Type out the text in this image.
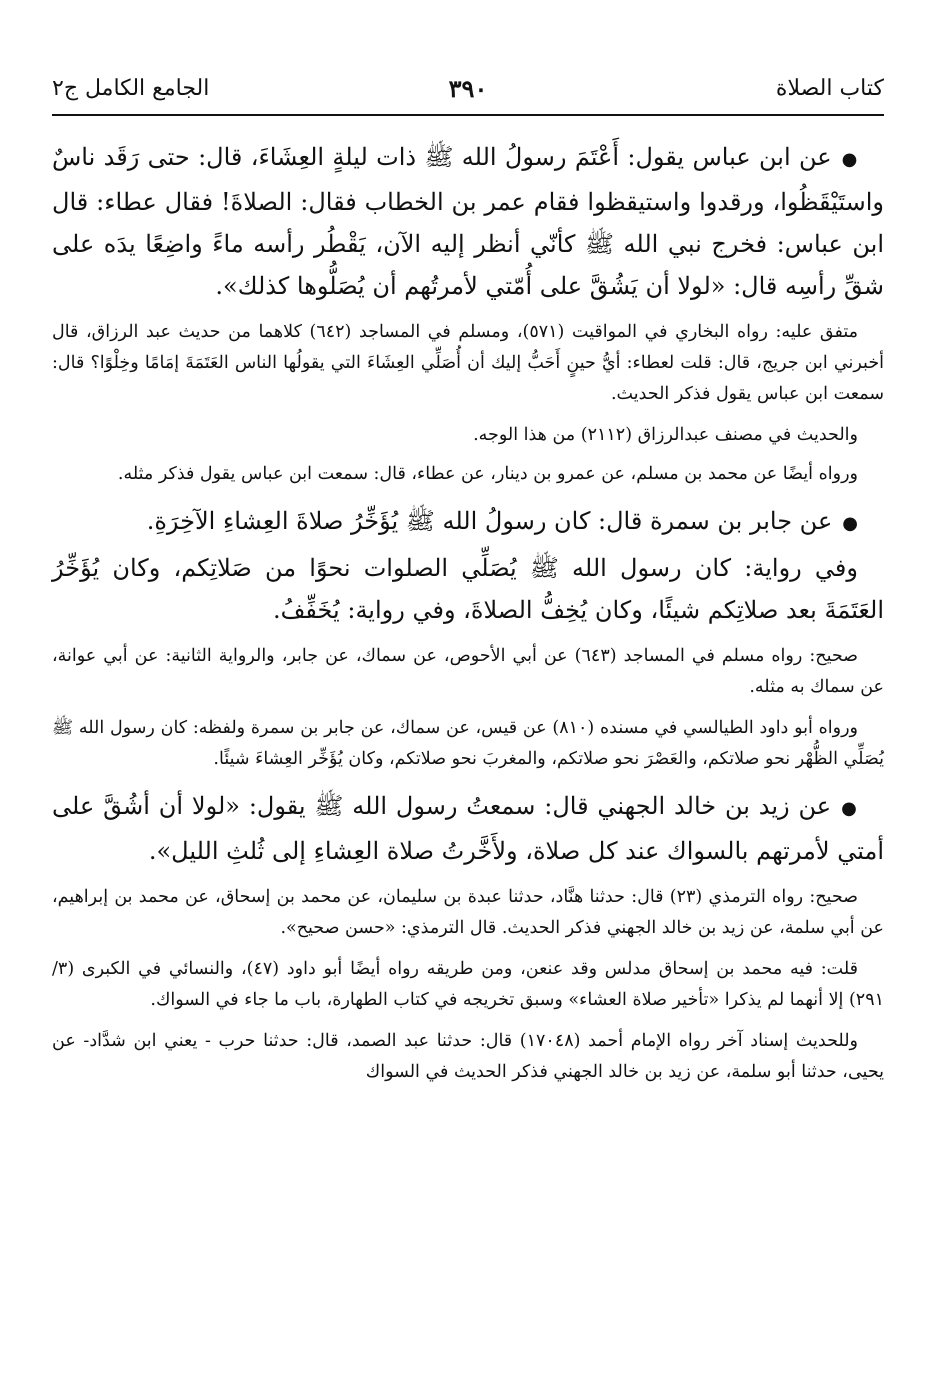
كتاب الصلاة
٣٩٠
الجامع الكامل ج٢

●عن ابن عباس يقول: أَعْتَمَ رسولُ الله ﷺ ذات ليلةٍ العِشَاءَ، قال: حتى رَقَد ناسٌ واستَيْقَظُوا، ورقدوا واستيقظوا فقام عمر بن الخطاب فقال: الصلاةَ! فقال عطاء: قال ابن عباس: فخرج نبي الله ﷺ كأنّي أنظر إليه الآن، يَقْطُر رأسه ماءً واضِعًا يدَه على شقِّ رأسِه قال: «لولا أن يَشُقَّ على أُمّتي لأمرتُهم أن يُصَلُّوها كذلك».

متفق عليه: رواه البخاري في المواقيت (٥٧١)، ومسلم في المساجد (٦٤٢) كلاهما من حديث عبد الرزاق، قال أخبرني ابن جريج، قال: قلت لعطاء: أيُّ حينٍ أَحَبُّ إليك أن أُصَلِّي العِشَاءَ التي يقولُها الناس العَتَمَةَ إمَامًا وخِلْوًا؟ قال: سمعت ابن عباس يقول فذكر الحديث.

والحديث في مصنف عبدالرزاق (٢١١٢) من هذا الوجه.

ورواه أيضًا عن محمد بن مسلم، عن عمرو بن دينار، عن عطاء، قال: سمعت ابن عباس يقول فذكر مثله.

●عن جابر بن سمرة قال: كان رسولُ الله ﷺ يُؤَخِّرُ صلاةَ العِشاءِ الآخِرَةِ.

وفي رواية: كان رسول الله ﷺ يُصَلِّي الصلوات نحوًا من صَلاتِكم، وكان يُؤَخِّرُ العَتَمَةَ بعد صلاتِكم شيئًا، وكان يُخِفُّ الصلاةَ، وفي رواية: يُخَفِّفُ.

صحيح: رواه مسلم في المساجد (٦٤٣) عن أبي الأحوص، عن سماك، عن جابر، والرواية الثانية: عن أبي عوانة، عن سماك به مثله.

ورواه أبو داود الطيالسي في مسنده (٨١٠) عن قيس، عن سماك، عن جابر بن سمرة ولفظه: كان رسول الله ﷺ يُصَلِّي الظُّهْر نحو صلاتكم، والعَصْرَ نحو صلاتكم، والمغربَ نحو صلاتكم، وكان يُؤَخِّر العِشاءَ شيئًا.

●عن زيد بن خالد الجهني قال: سمعتُ رسول الله ﷺ يقول: «لولا أن أشُقَّ على أمتي لأمرتهم بالسواك عند كل صلاة، ولأَخَّرتُ صلاة العِشاءِ إلى ثُلثِ الليل».

صحيح: رواه الترمذي (٢٣) قال: حدثنا هنَّاد، حدثنا عبدة بن سليمان، عن محمد بن إسحاق، عن محمد بن إبراهيم، عن أبي سلمة، عن زيد بن خالد الجهني فذكر الحديث. قال الترمذي: «حسن صحيح».

قلت: فيه محمد بن إسحاق مدلس وقد عنعن، ومن طريقه رواه أيضًا أبو داود (٤٧)، والنسائي في الكبرى (٣/ ٢٩١) إلا أنهما لم يذكرا «تأخير صلاة العشاء» وسبق تخريجه في كتاب الطهارة، باب ما جاء في السواك.

وللحديث إسناد آخر رواه الإمام أحمد (١٧٠٤٨) قال: حدثنا عبد الصمد، قال: حدثنا حرب - يعني ابن شدَّاد- عن يحيى، حدثنا أبو سلمة، عن زيد بن خالد الجهني فذكر الحديث في السواك
